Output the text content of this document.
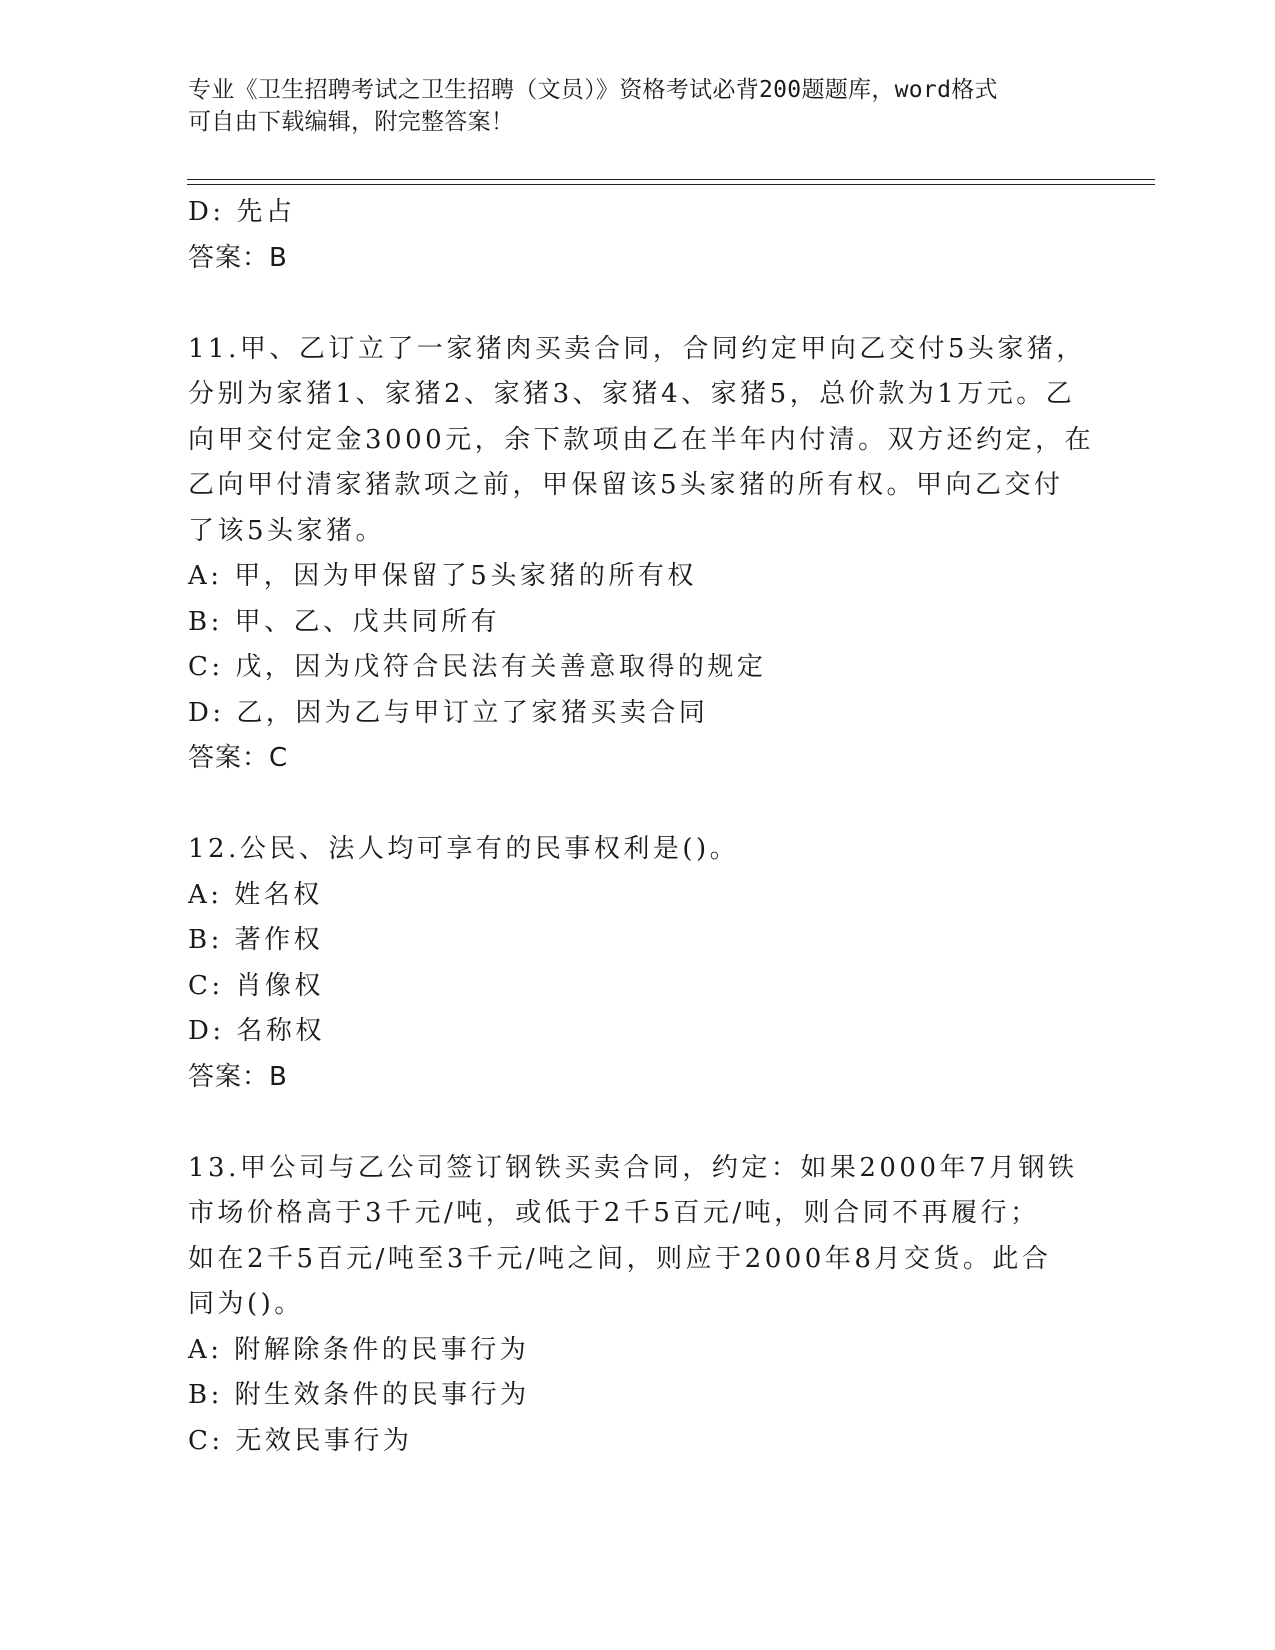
专业《卫生招聘考试之卫生招聘（文员）》资格考试必背200题题库，word格式
可自由下载编辑，附完整答案！
D: 先占
答案：B
11.甲、乙订立了一家猪肉买卖合同，合同约定甲向乙交付5头家猪，
分别为家猪1、家猪2、家猪3、家猪4、家猪5，总价款为1万元。乙
向甲交付定金3000元，余下款项由乙在半年内付清。双方还约定，在
乙向甲付清家猪款项之前，甲保留该5头家猪的所有权。甲向乙交付
了该5头家猪。
A: 甲，因为甲保留了5头家猪的所有权
B: 甲、乙、戊共同所有
C: 戊，因为戊符合民法有关善意取得的规定
D: 乙，因为乙与甲订立了家猪买卖合同
答案：C
12.公民、法人均可享有的民事权利是()。
A: 姓名权
B: 著作权
C: 肖像权
D: 名称权
答案：B
13.甲公司与乙公司签订钢铁买卖合同，约定：如果2000年7月钢铁
市场价格高于3千元/吨，或低于2千5百元/吨，则合同不再履行；
如在2千5百元/吨至3千元/吨之间，则应于2000年8月交货。此合
同为()。
A: 附解除条件的民事行为
B: 附生效条件的民事行为
C: 无效民事行为
